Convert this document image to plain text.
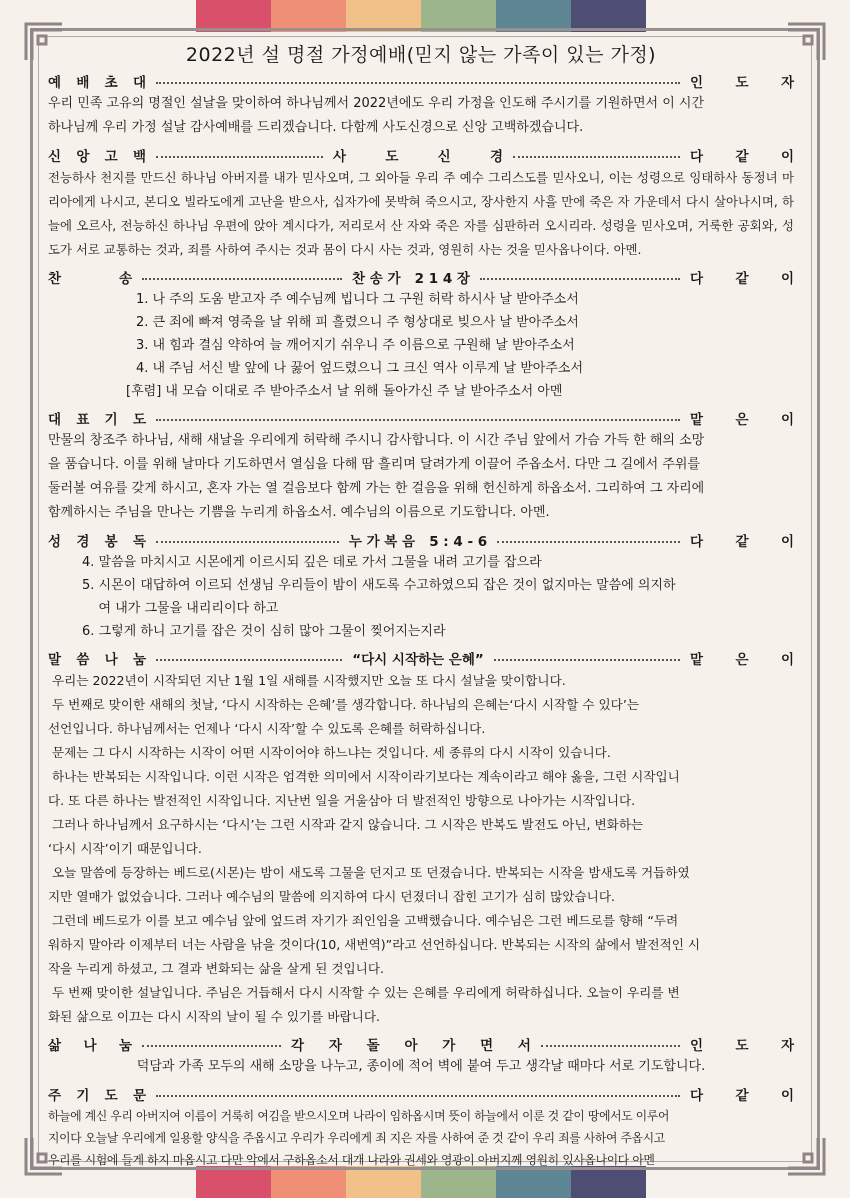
2022년 설 명절 가정예배(믿지 않는 가족이 있는 가정)
예 배 초 대	인 도 자

우리 민족 고유의 명절인 설날을 맞이하여 하나님께서 2022년에도 우리 가정을 인도해 주시기를 기원하면서 이 시간

하나님께 우리 가정 설날 감사예배를 드리겠습니다. 다함께 사도신경으로 신앙 고백하겠습니다.

신 앙 고 백	사	도	신	경	다 같 이

전능하사 천지를 만드신 하나님 아버지를 내가 믿사오며, 그 외아들 우리 주 예수 그리스도를 믿사오니, 이는 성령으로 잉태하사 동정녀 마리아에게 나시고, 본디오 빌라도에게 고난을 받으사, 십자가에 못박혀 죽으시고, 장사한지 사흘 만에 죽은 자 가운데서 다시 살아나시며, 하늘에 오르사, 전능하신 하나님 우편에 앉아 계시다가, 저리로서 산 자와 죽은 자를 심판하러 오시리라. 성령을 믿사오며, 거룩한 공회와, 성도가 서로 교통하는 것과, 죄를 사하여 주시는 것과 몸이 다시 사는 것과, 영원히 사는 것을 믿사옵나이다. 아멘.

찬	송	찬 송 가   2 1 4 장	다 같 이
1. 나 주의 도움 받고자 주 예수님께 빕니다 그 구원 허락 하시사 날 받아주소서
2. 큰 죄에 빠져 영죽을 날 위해 피 흘렸으니 주 형상대로 빚으사 날 받아주소서
3. 내 힘과 결심 약하여 늘 깨어지기 쉬우니 주 이름으로 구원해 날 받아주소서
4. 내 주님 서신 발 앞에 나 꿇어 엎드렸으니 그 크신 역사 이루게 날 받아주소서
[후렴] 내 모습 이대로 주 받아주소서 날 위해 돌아가신 주 날 받아주소서 아멘
대 표 기 도	맡 은 이

만물의 창조주 하나님, 새해 새날을 우리에게 허락해 주시니 감사합니다. 이 시간 주님 앞에서 가슴 가득 한 해의 소망

을 품습니다. 이를 위해 날마다 기도하면서 열심을 다해 땀 흘리며 달려가게 이끌어 주옵소서. 다만 그 길에서 주위를

둘러볼 여유를 갖게 하시고, 혼자 가는 열 걸음보다 함께 가는 한 걸음을 위해 헌신하게 하옵소서. 그리하여 그 자리에

함께하시는 주님을 만나는 기쁨을 누리게 하옵소서. 예수님의 이름으로 기도합니다. 아멘.

성 경 봉 독	누 가 복 음   5 : 4 - 6	다 같 이
4. 말씀을 마치시고 시몬에게 이르시되 깊은 데로 가서 그물을 내려 고기를 잡으라
5. 시몬이 대답하여 이르되 선생님 우리들이 밤이 새도록 수고하였으되 잡은 것이 없지마는 말씀에 의지하
여 내가 그물을 내리리이다 하고
6. 그렇게 하니 고기를 잡은 것이 심히 많아 그물이 찢어지는지라
말 씀 나 눔	“다시 시작하는 은혜”	맡 은 이

우리는 2022년이 시작되던 지난 1월 1일 새해를 시작했지만 오늘 또 다시 설날을 맞이합니다.

두 번째로 맞이한 새해의 첫날, ‘다시 시작하는 은혜’를 생각합니다. 하나님의 은혜는‘다시 시작할 수 있다’는

선언입니다. 하나님께서는 언제나 ‘다시 시작’할 수 있도록 은혜를 허락하십니다.

문제는 그 다시 시작하는 시작이 어떤 시작이어야 하느냐는 것입니다. 세 종류의 다시 시작이 있습니다.

하나는 반복되는 시작입니다. 이런 시작은 엄격한 의미에서 시작이라기보다는 계속이라고 해야 옳을, 그런 시작입니

다. 또 다른 하나는 발전적인 시작입니다. 지난번 일을 거울삼아 더 발전적인 방향으로 나아가는 시작입니다.

그러나 하나님께서 요구하시는 ‘다시’는 그런 시작과 같지 않습니다. 그 시작은 반복도 발전도 아닌, 변화하는

‘다시 시작’이기 때문입니다.

오늘 말씀에 등장하는 베드로(시몬)는 밤이 새도록 그물을 던지고 또 던졌습니다. 반복되는 시작을 밤새도록 거듭하였

지만 열매가 없었습니다. 그러나 예수님의 말씀에 의지하여 다시 던졌더니 잡힌 고기가 심히 많았습니다.

그런데 베드로가 이를 보고 예수님 앞에 엎드려 자기가 죄인임을 고백했습니다. 예수님은 그런 베드로를 향해 “두려

워하지 말아라 이제부터 너는 사람을 낚을 것이다(10, 새번역)”라고 선언하십니다. 반복되는 시작의 삶에서 발전적인 시

작을 누리게 하셨고, 그 결과 변화되는 삶을 살게 된 것입니다.

두 번째 맞이한 설날입니다. 주님은 거듭해서 다시 시작할 수 있는 은혜를 우리에게 허락하십니다. 오늘이 우리를 변

화된 삶으로 이끄는 다시 시작의 날이 될 수 있기를 바랍니다.

삶 나 눔	각 자 돌 아 가 면 서	인 도 자
덕담과 가족 모두의 새해 소망을 나누고, 종이에 적어 벽에 붙여 두고 생각날 때마다 서로 기도합니다.
주 기 도 문	다 같 이

하늘에 계신 우리 아버지여 이름이 거룩히 여김을 받으시오며 나라이 임하옵시며 뜻이 하늘에서 이룬 것 같이 땅에서도 이루어

지이다 오늘날 우리에게 일용할 양식을 주옵시고 우리가 우리에게 죄 지은 자를 사하여 준 것 같이 우리 죄를 사하여 주옵시고

우리를 시험에 들게 하지 마옵시고 다만 악에서 구하옵소서 대개 나라와 권세와 영광이 아버지께 영원히 있사옵나이다 아멘
